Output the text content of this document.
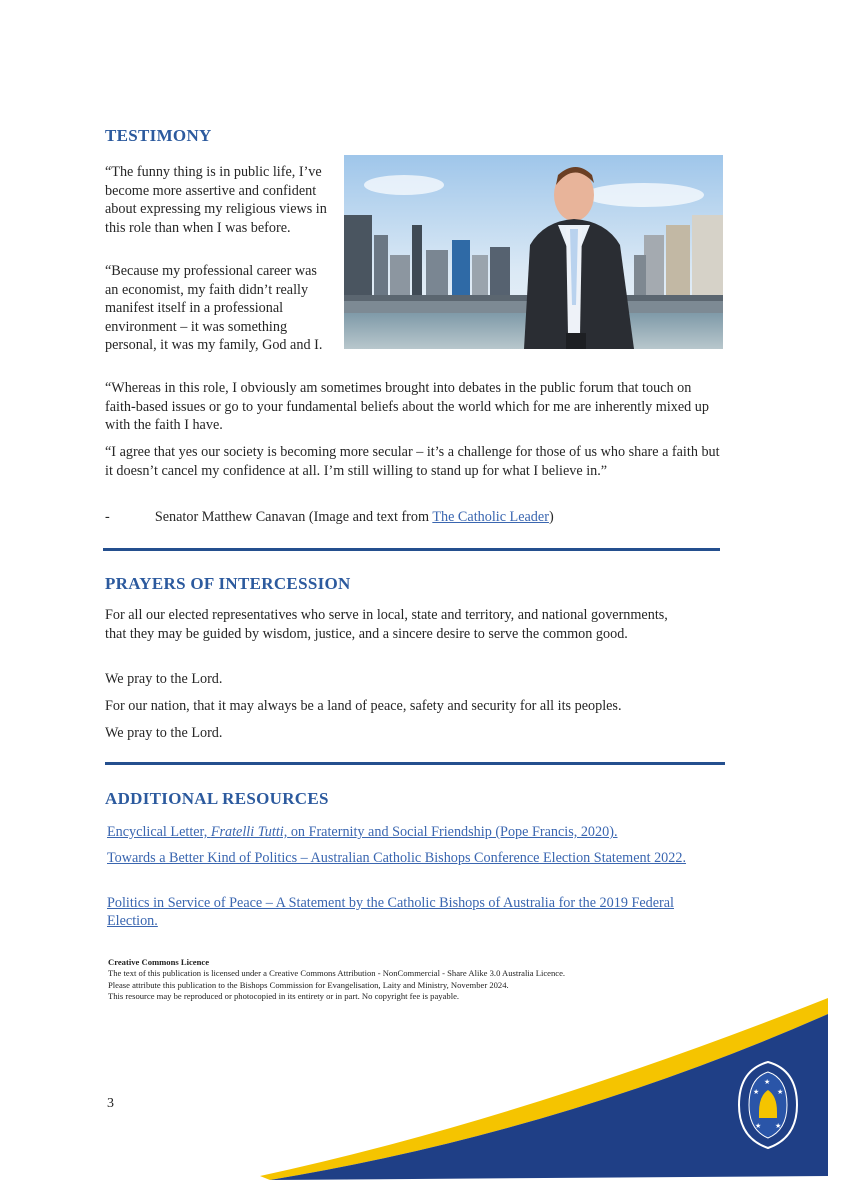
TESTIMONY

“The funny thing is in public life, I’ve become more assertive and confident about expressing my religious views in this role than when I was before.

“Because my professional career was an economist, my faith didn’t really manifest itself in a professional environment – it was something personal, it was my family, God and I.

“Whereas in this role, I obviously am sometimes brought into debates in the public forum that touch on faith-based issues or go to your fundamental beliefs about the world which for me are inherently mixed up with the faith I have.

“I agree that yes our society is becoming more secular – it’s a challenge for those of us who share a faith but it doesn’t cancel my confidence at all. I’m still willing to stand up for what I believe in.”

-	Senator Matthew Canavan (Image and text from The Catholic Leader)
PRAYERS OF INTERCESSION

For all our elected representatives who serve in local, state and territory, and national governments, that they may be guided by wisdom, justice, and a sincere desire to serve the common good.

We pray to the Lord.

For our nation, that it may always be a land of peace, safety and security for all its peoples.

We pray to the Lord.

ADDITIONAL RESOURCES
Encyclical Letter, Fratelli Tutti, on Fraternity and Social Friendship (Pope Francis, 2020).
Towards a Better Kind of Politics – Australian Catholic Bishops Conference Election Statement 2022.
Politics in Service of Peace – A Statement by the Catholic Bishops of Australia for the 2019 Federal Election.
Creative Commons Licence
The text of this publication is licensed under a Creative Commons Attribution - NonCommercial - Share Alike 3.0 Australia Licence.
Please attribute this publication to the Bishops Commission for Evangelisation, Laity and Ministry, November 2024.
This resource may be reproduced or photocopied in its entirety or in part. No copyright fee is payable.
★	★
★
★ ★
3
